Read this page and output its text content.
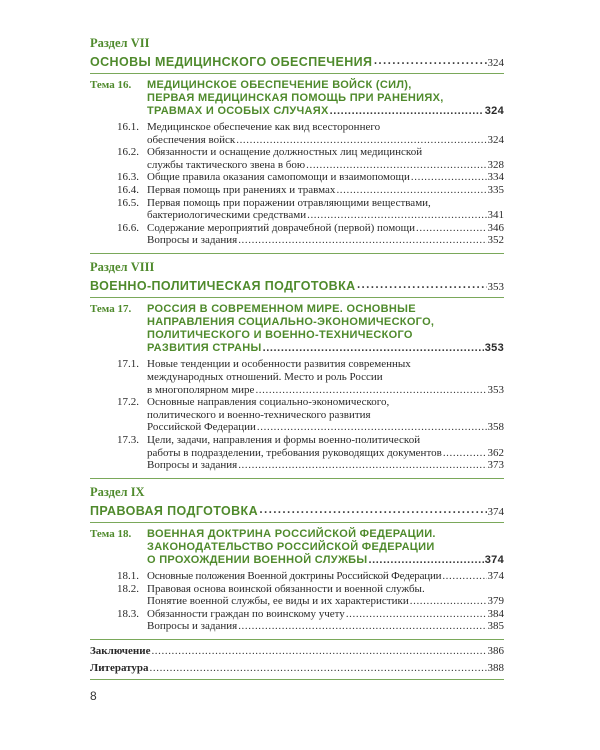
Раздел VII

ОСНОВЫ МЕДИЦИНСКОГО ОБЕСПЕЧЕНИЯ .....	324
Тема 16. МЕДИЦИНСКОЕ ОБЕСПЕЧЕНИЕ ВОЙСК (СИЛ),
ПЕРВАЯ МЕДИЦИНСКАЯ ПОМОЩЬ ПРИ РАНЕНИЯХ,
ТРАВМАХ И ОСОБЫХ СЛУЧАЯХ .....	324
16.1. Медицинское обеспечение как вид всестороннего
обеспечения войск .....	324
16.2. Обязанности и оснащение должностных лиц медицинской
службы тактического звена в бою .....	328
16.3. Общие правила оказания самопомощи и взаимопомощи .....	334
16.4. Первая помощь при ранениях и травмах .....	335
16.5. Первая помощь при поражении отравляющими веществами,
бактериологическими средствами .....	341
16.6. Содержание мероприятий доврачебной (первой) помощи .....	346
Вопросы и задания .....	352

Раздел VIII

ВОЕННО-ПОЛИТИЧЕСКАЯ ПОДГОТОВКА .....	353
Тема 17. РОССИЯ В СОВРЕМЕННОМ МИРЕ. ОСНОВНЫЕ
НАПРАВЛЕНИЯ СОЦИАЛЬНО-ЭКОНОМИЧЕСКОГО,
ПОЛИТИЧЕСКОГО И ВОЕННО-ТЕХНИЧЕСКОГО
РАЗВИТИЯ СТРАНЫ .....	353
17.1. Новые тенденции и особенности развития современных
международных отношений. Место и роль России
в многополярном мире .....	353
17.2. Основные направления социально-экономического,
политического и военно-технического развития
Российской Федерации .....	358
17.3. Цели, задачи, направления и формы военно-политической
работы в подразделении, требования руководящих документов .....	362
Вопросы и задания .....	373

Раздел IX

ПРАВОВАЯ ПОДГОТОВКА .....	374
Тема 18. ВОЕННАЯ ДОКТРИНА РОССИЙСКОЙ ФЕДЕРАЦИИ.
ЗАКОНОДАТЕЛЬСТВО РОССИЙСКОЙ ФЕДЕРАЦИИ
О ПРОХОЖДЕНИИ ВОЕННОЙ СЛУЖБЫ .....	374
18.1. Основные положения Военной доктрины Российской Федерации .....	374
18.2. Правовая основа воинской обязанности и военной службы.
Понятие военной службы, ее виды и их характеристики .....	379
18.3. Обязанности граждан по воинскому учету .....	384
Вопросы и задания .....	385
Заключение .....	386
Литература .....	388
8
